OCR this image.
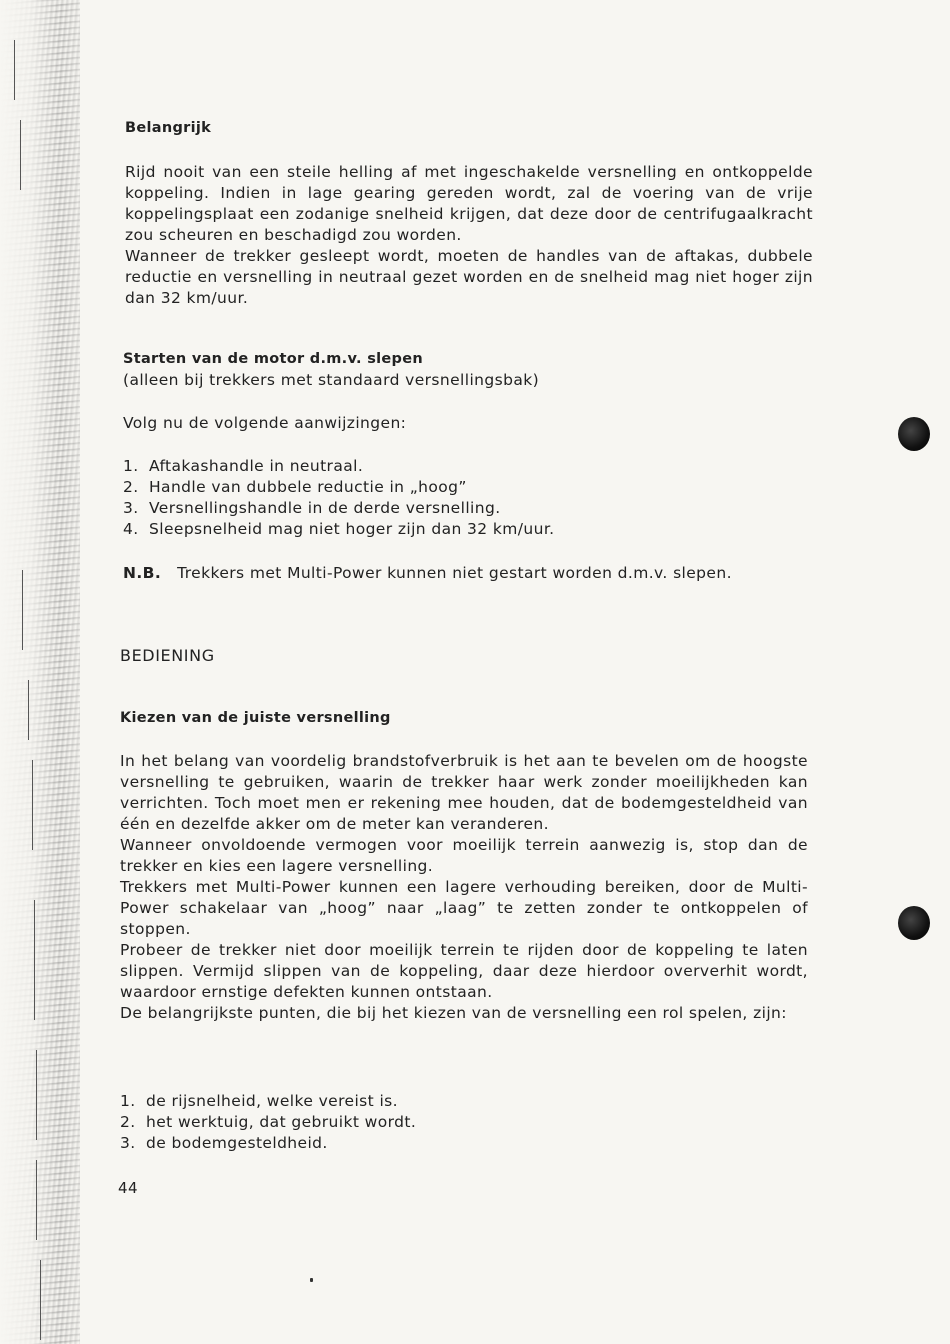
Belangrijk

Rijd nooit van een steile helling af met ingeschakelde versnelling en ontkoppelde koppeling. Indien in lage gearing gereden wordt, zal de voering van de vrije koppelingsplaat een zodanige snelheid krijgen, dat deze door de centrifugaalkracht zou scheuren en beschadigd zou worden.

Wanneer de trekker gesleept wordt, moeten de handles van de aftakas, dubbele reductie en versnelling in neutraal gezet worden en de snelheid mag niet hoger zijn dan 32 km/uur.

Starten van de motor d.m.v. slepen
(alleen bij trekkers met standaard versnellingsbak)
Volg nu de volgende aanwijzingen:
1. Aftakashandle in neutraal.
2. Handle van dubbele reductie in „hoog”
3. Versnellingshandle in de derde versnelling.
4. Sleepsnelheid mag niet hoger zijn dan 32 km/uur.
N.B. Trekkers met Multi-Power kunnen niet gestart worden d.m.v. slepen.
BEDIENING
Kiezen van de juiste versnelling

In het belang van voordelig brandstofverbruik is het aan te bevelen om de hoogste versnelling te gebruiken, waarin de trekker haar werk zonder moeilijkheden kan verrichten. Toch moet men er rekening mee houden, dat de bodemgesteldheid van één en dezelfde akker om de meter kan veranderen.

Wanneer onvoldoende vermogen voor moeilijk terrein aanwezig is, stop dan de trekker en kies een lagere versnelling.

Trekkers met Multi-Power kunnen een lagere verhouding bereiken, door de Multi-Power schakelaar van „hoog” naar „laag” te zetten zonder te ontkoppelen of stoppen.

Probeer de trekker niet door moeilijk terrein te rijden door de koppeling te laten slippen. Vermijd slippen van de koppeling, daar deze hierdoor oververhit wordt, waardoor ernstige defekten kunnen ontstaan.

De belangrijkste punten, die bij het kiezen van de versnelling een rol spelen, zijn:

1. de rijsnelheid, welke vereist is.
2. het werktuig, dat gebruikt wordt.
3. de bodemgesteldheid.
44
